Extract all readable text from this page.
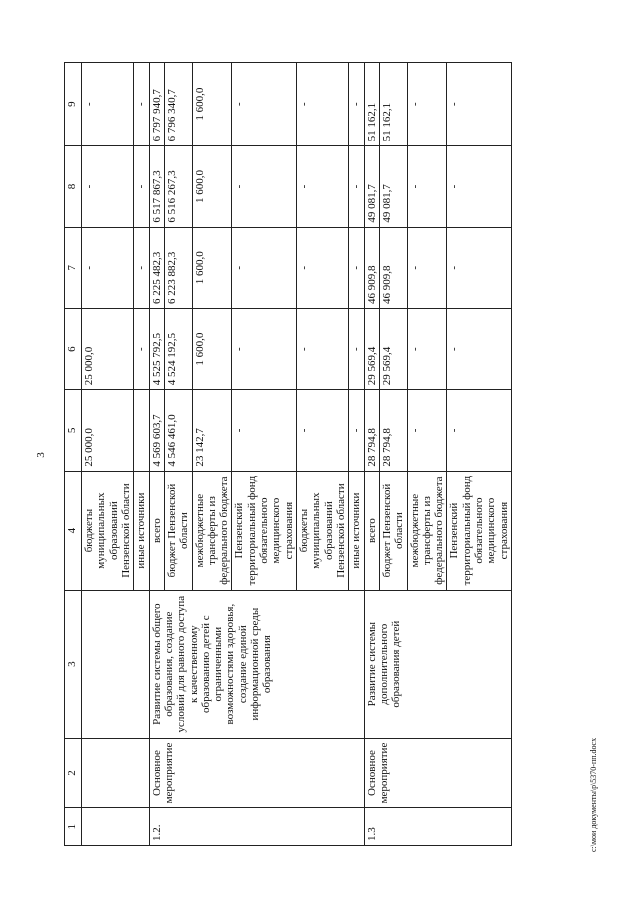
3
c:\мои документы\р\5370-пп.docx
1	2	3	4	5	6	7	8	9
			бюджеты муниципальных образований Пензенской области	25 000,0	25 000,0	-	-	-
			иные источники		-	-	-	-
1.2.	Основное мероприятие	Развитие системы общего образования, создание условий для равного доступа к качественному образованию детей с ограниченными возможностями здоровья, создание единой информационной среды образования	всего	4 569 603,7	4 525 792,5	6 225 482,3	6 517 867,3	6 797 940,7
			бюджет Пензенской области	4 546 461,0	4 524 192,5	6 223 882,3	6 516 267,3	6 796 340,7
			межбюджетные трансферты из федерального бюджета	23 142,7	1 600,0	1 600,0	1 600,0	1 600,0
			Пензенский территориальный фонд обязательного медицинского страхования	-	-	-	-	-
			бюджеты муниципальных образований Пензенской области	-	-	-	-	-
			иные источники	-	-	-	-	-
1.3	Основное мероприятие	Развитие системы дополнительного образования детей	всего	28 794,8	29 569,4	46 909,8	49 081,7	51 162,1
			бюджет Пензенской области	28 794,8	29 569,4	46 909,8	49 081,7	51 162,1
			межбюджетные трансферты из федерального бюджета	-	-	-	-	-
			Пензенский территориальный фонд обязательного медицинского страхования	-	-	-	-	-
